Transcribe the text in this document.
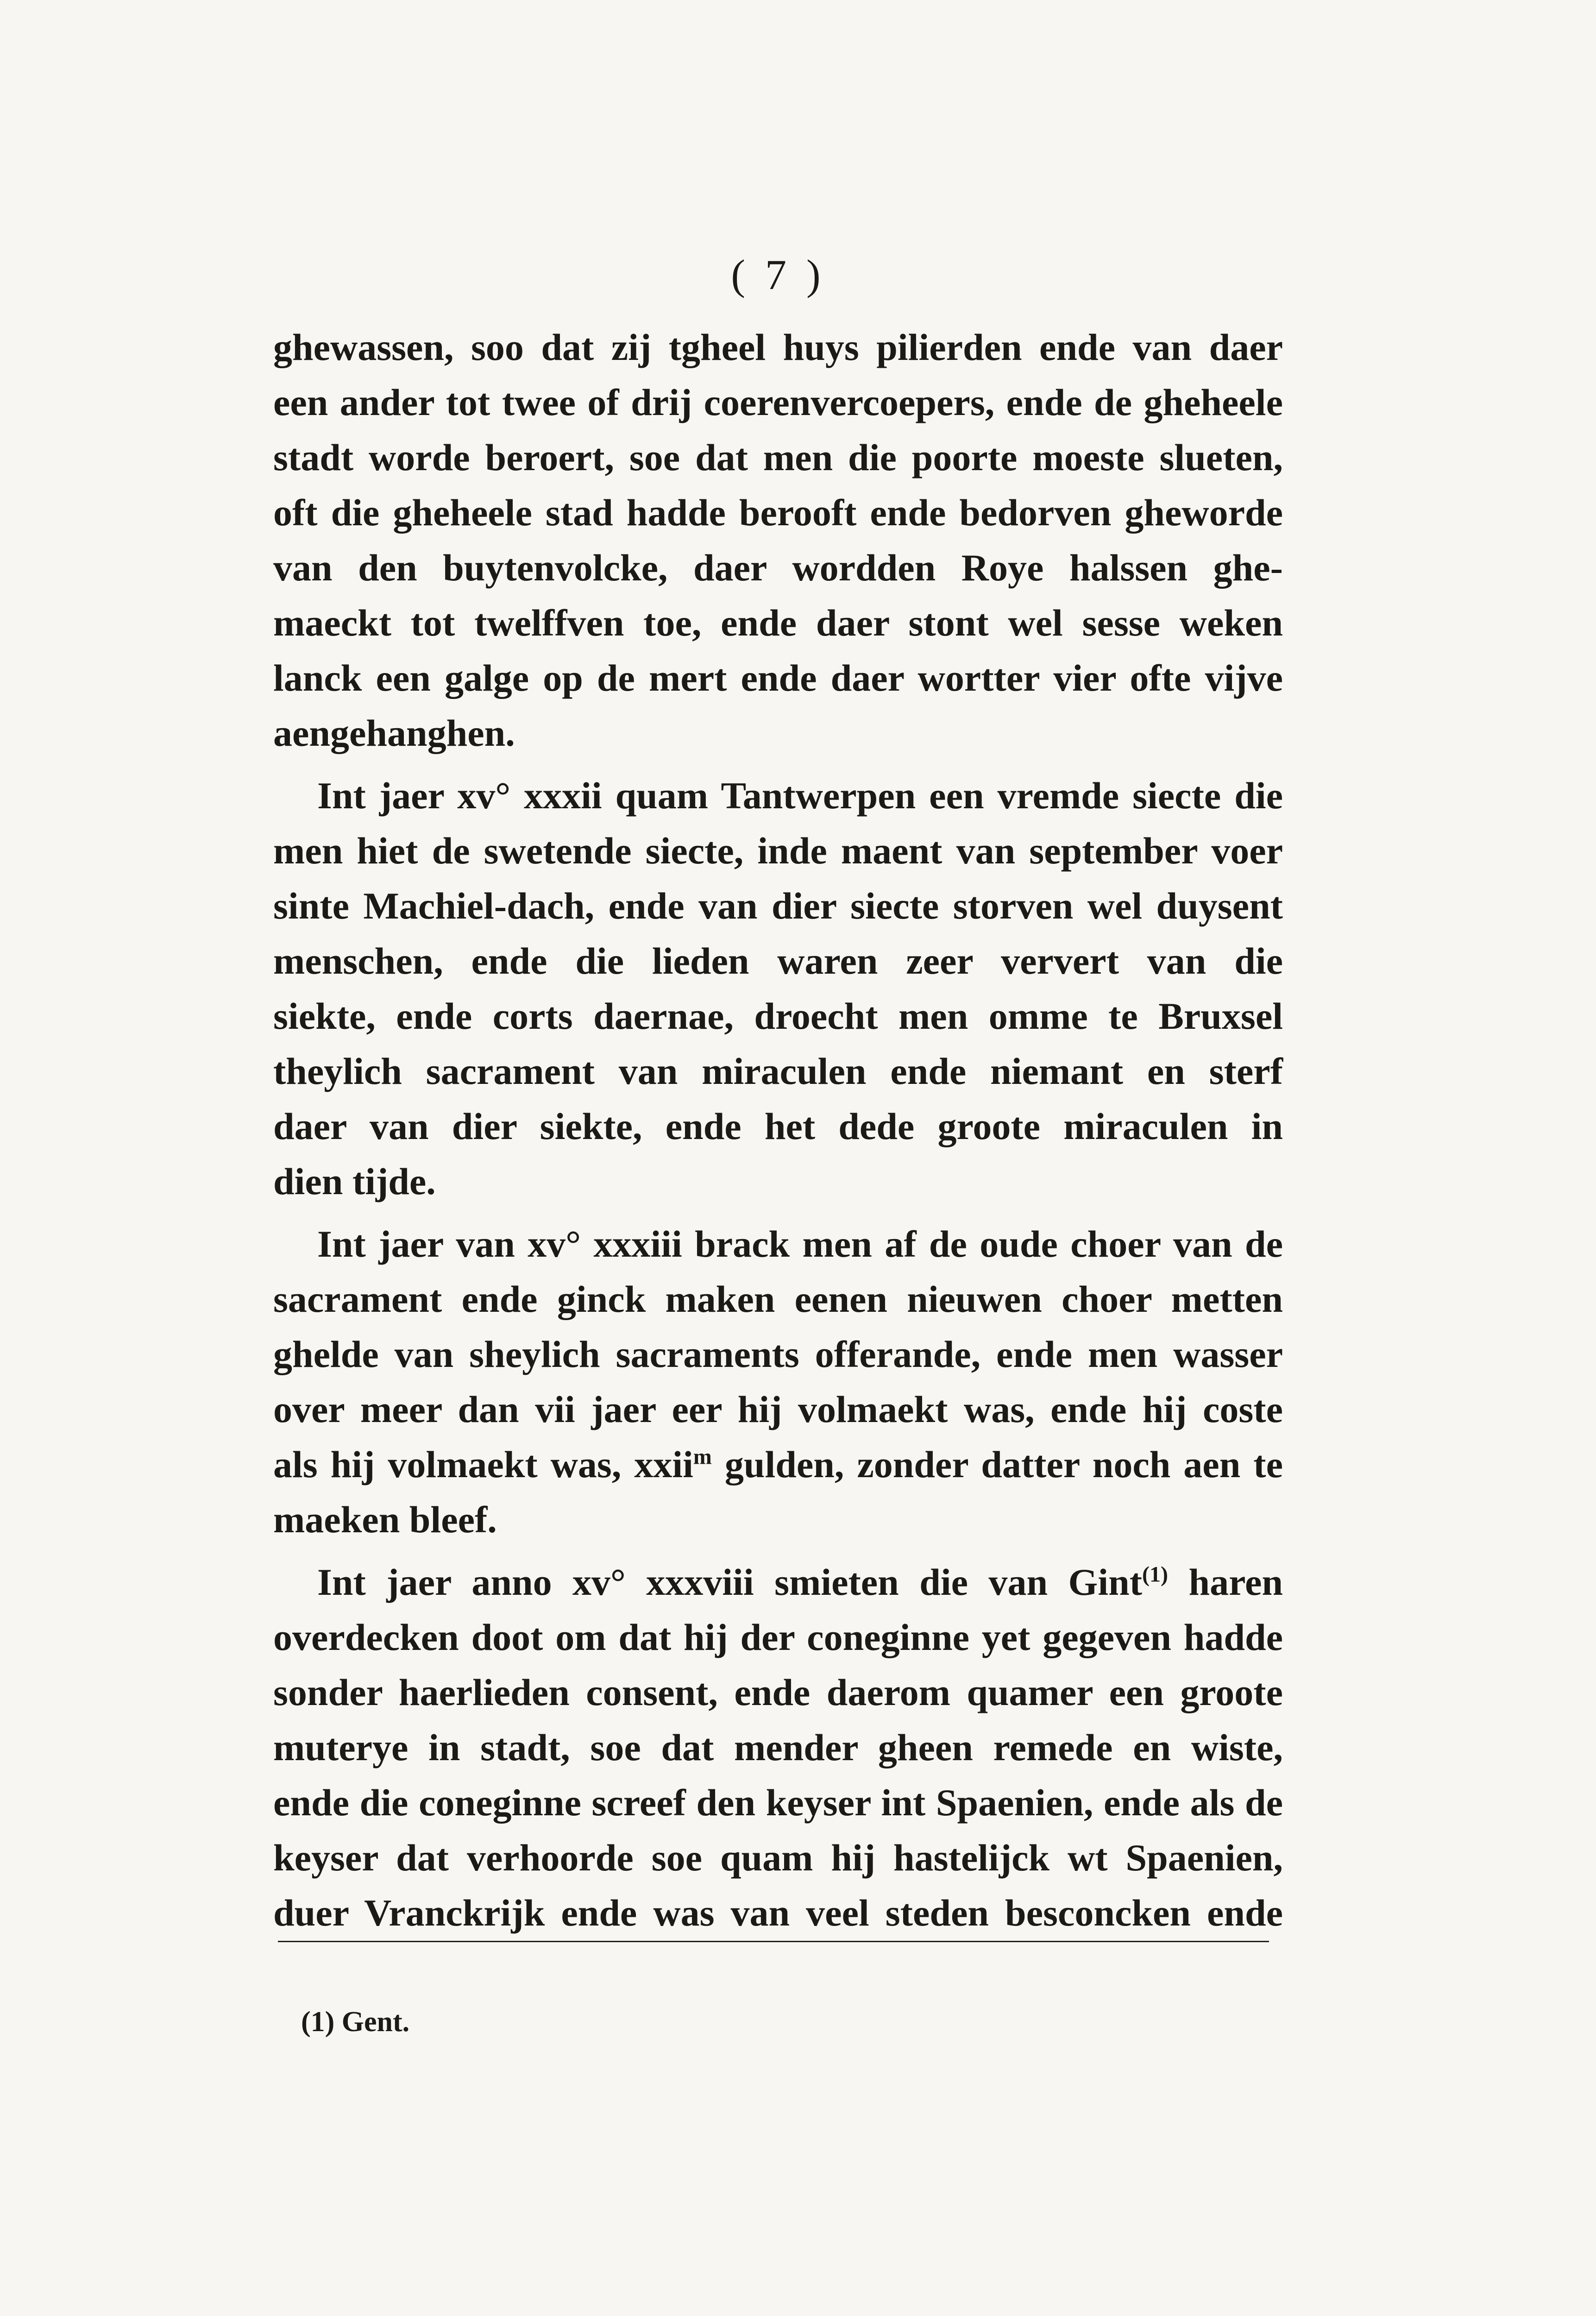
( 7 )
ghewassen, soo dat zij tgheel huys pilierden ende van daer
een ander tot twee of drij coerenvercoepers, ende de gheheele
stadt worde beroert, soe dat men die poorte moeste slueten,
oft die gheheele stad hadde berooft ende bedorven gheworde
van den buytenvolcke, daer wordden Roye halssen ghe-
maeckt tot twelffven toe, ende daer stont wel sesse weken
lanck een galge op de mert ende daer wortter vier ofte vijve
aengehanghen.
Int jaer xv° xxxii quam Tantwerpen een vremde siecte die
men hiet de swetende siecte, inde maent van september voer
sinte Machiel-dach, ende van dier siecte storven wel duysent
menschen, ende die lieden waren zeer ververt van die
siekte, ende corts daernae, droecht men omme te Bruxsel
theylich sacrament van miraculen ende niemant en sterf
daer van dier siekte, ende het dede groote miraculen in
dien tijde.
Int jaer van xv° xxxiii brack men af de oude choer van de
sacrament ende ginck maken eenen nieuwen choer metten
ghelde van sheylich sacraments offerande, ende men wasser
over meer dan vii jaer eer hij volmaekt was, ende hij coste
als hij volmaekt was, xxii$^m$ gulden, zonder datter noch aen te
maeken bleef.
Int jaer anno xv° xxxviii smieten die van Gint$^{(1)}$ haren
overdecken doot om dat hij der coneginne yet gegeven hadde
sonder haerlieden consent, ende daerom quamer een groote
muterye in stadt, soe dat mender gheen remede en wiste,
ende die coneginne screef den keyser int Spaenien, ende als de
keyser dat verhoorde soe quam hij hastelijck wt Spaenien,
duer Vranckrijk ende was van veel steden besconcken ende
(1) Gent.
